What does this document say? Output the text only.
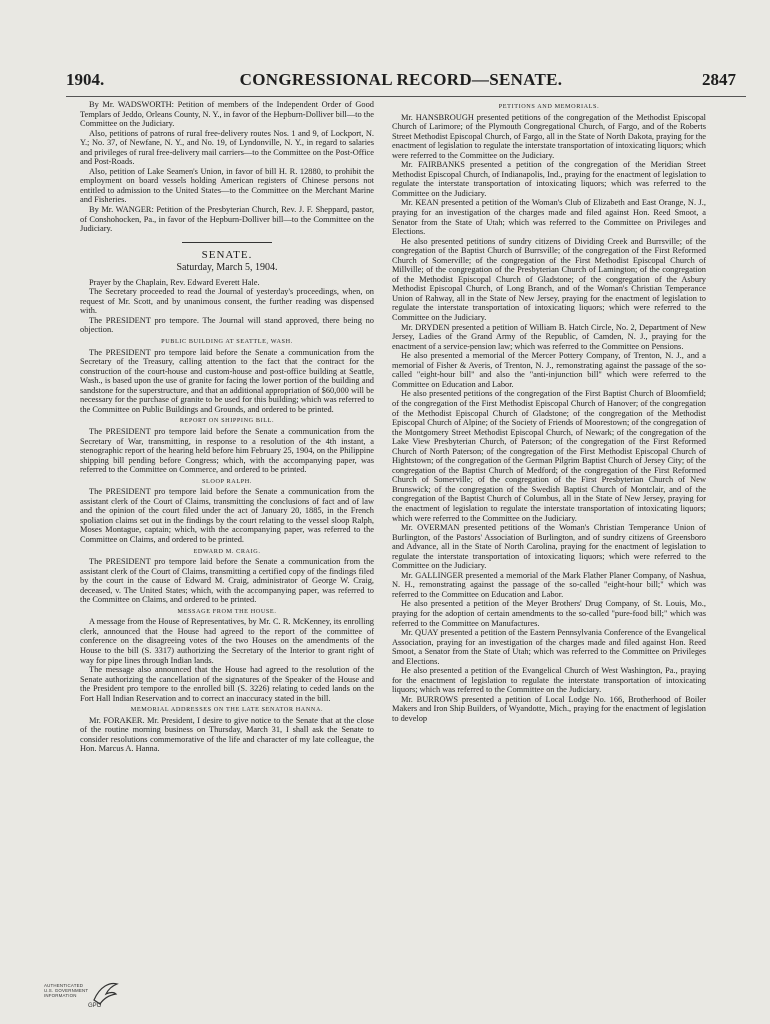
1904.	CONGRESSIONAL RECORD—SENATE.	2847

By Mr. WADSWORTH: Petition of members of the Independent Order of Good Templars of Jeddo, Orleans County, N. Y., in favor of the Hepburn-Dolliver bill—to the Committee on the Judiciary.

Also, petitions of patrons of rural free-delivery routes Nos. 1 and 9, of Lockport, N. Y.; No. 37, of Newfane, N. Y., and No. 19, of Lyndonville, N. Y., in regard to salaries and privileges of rural free-delivery mail carriers—to the Committee on the Post-Office and Post-Roads.

Also, petition of Lake Seamen's Union, in favor of bill H. R. 12880, to prohibit the employment on board vessels holding American registers of Chinese persons not entitled to admission to the United States—to the Committee on the Merchant Marine and Fisheries.

By Mr. WANGER: Petition of the Presbyterian Church, Rev. J. F. Sheppard, pastor, of Conshohocken, Pa., in favor of the Hepburn-Dolliver bill—to the Committee on the Judiciary.

SENATE.

Saturday, March 5, 1904.

Prayer by the Chaplain, Rev. Edward Everett Hale.

The Secretary proceeded to read the Journal of yesterday's proceedings, when, on request of Mr. Scott, and by unanimous consent, the further reading was dispensed with.

The PRESIDENT pro tempore. The Journal will stand approved, there being no objection.

PUBLIC BUILDING AT SEATTLE, WASH.

The PRESIDENT pro tempore laid before the Senate a communication from the Secretary of the Treasury, calling attention to the fact that the contract for the construction of the court-house and custom-house and post-office building at Seattle, Wash., is based upon the use of granite for facing the lower portion of the building and sandstone for the superstructure, and that an additional appropriation of $60,000 will be necessary for the purchase of granite to be used for this building; which was referred to the Committee on Public Buildings and Grounds, and ordered to be printed.

REPORT ON SHIPPING BILL.

The PRESIDENT pro tempore laid before the Senate a communication from the Secretary of War, transmitting, in response to a resolution of the 4th instant, a stenographic report of the hearing held before him February 25, 1904, on the Philippine shipping bill pending before Congress; which, with the accompanying paper, was referred to the Committee on Commerce, and ordered to be printed.

SLOOP RALPH.

The PRESIDENT pro tempore laid before the Senate a communication from the assistant clerk of the Court of Claims, transmitting the conclusions of fact and of law and the opinion of the court filed under the act of January 20, 1885, in the French spoliation claims set out in the findings by the court relating to the vessel sloop Ralph, Moses Montague, captain; which, with the accompanying paper, was referred to the Committee on Claims, and ordered to be printed.

EDWARD M. CRAIG.

The PRESIDENT pro tempore laid before the Senate a communication from the assistant clerk of the Court of Claims, transmitting a certified copy of the findings filed by the court in the cause of Edward M. Craig, administrator of George W. Craig, deceased, v. The United States; which, with the accompanying paper, was referred to the Committee on Claims, and ordered to be printed.

MESSAGE FROM THE HOUSE.

A message from the House of Representatives, by Mr. C. R. McKenney, its enrolling clerk, announced that the House had agreed to the report of the committee of conference on the disagreeing votes of the two Houses on the amendments of the House to the bill (S. 3317) authorizing the Secretary of the Interior to grant right of way for pipe lines through Indian lands.

The message also announced that the House had agreed to the resolution of the Senate authorizing the cancellation of the signatures of the Speaker of the House and the President pro tempore to the enrolled bill (S. 3226) relating to ceded lands on the Fort Hall Indian Reservation and to correct an inaccuracy stated in the bill.

MEMORIAL ADDRESSES ON THE LATE SENATOR HANNA.

Mr. FORAKER. Mr. President, I desire to give notice to the Senate that at the close of the routine morning business on Thursday, March 31, I shall ask the Senate to consider resolutions commemorative of the life and character of my late colleague, the Hon. Marcus A. Hanna.

PETITIONS AND MEMORIALS.

Mr. HANSBROUGH presented petitions of the congregation of the Methodist Episcopal Church of Larimore; of the Plymouth Congregational Church, of Fargo, and of the Roberts Street Methodist Episcopal Church, of Fargo, all in the State of North Dakota, praying for the enactment of legislation to regulate the interstate transportation of intoxicating liquors; which were referred to the Committee on the Judiciary.

Mr. FAIRBANKS presented a petition of the congregation of the Meridian Street Methodist Episcopal Church, of Indianapolis, Ind., praying for the enactment of legislation to regulate the interstate transportation of intoxicating liquors; which was referred to the Committee on the Judiciary.

Mr. KEAN presented a petition of the Woman's Club of Elizabeth and East Orange, N. J., praying for an investigation of the charges made and filed against Hon. Reed Smoot, a Senator from the State of Utah; which was referred to the Committee on Privileges and Elections.

He also presented petitions of sundry citizens of Dividing Creek and Burrsville; of the congregation of the Baptist Church of Burrsville; of the congregation of the First Reformed Church of Somerville; of the congregation of the First Methodist Episcopal Church of Millville; of the congregation of the Presbyterian Church of Lamington; of the congregation of the Methodist Episcopal Church of Gladstone; of the congregation of the Asbury Methodist Episcopal Church, of Long Branch, and of the Woman's Christian Temperance Union of Rahway, all in the State of New Jersey, praying for the enactment of legislation to regulate the interstate transportation of intoxicating liquors; which were referred to the Committee on the Judiciary.

Mr. DRYDEN presented a petition of William B. Hatch Circle, No. 2, Department of New Jersey, Ladies of the Grand Army of the Republic, of Camden, N. J., praying for the enactment of a service-pension law; which was referred to the Committee on Pensions.

He also presented a memorial of the Mercer Pottery Company, of Trenton, N. J., and a memorial of Fisher & Averis, of Trenton, N. J., remonstrating against the passage of the so-called "eight-hour bill" and also the "anti-injunction bill" which were referred to the Committee on Education and Labor.

He also presented petitions of the congregation of the First Baptist Church of Bloomfield; of the congregation of the First Methodist Episcopal Church of Hanover; of the congregation of the Methodist Episcopal Church of Gladstone; of the congregation of the Methodist Episcopal Church of Alpine; of the Society of Friends of Moorestown; of the congregation of the Montgomery Street Methodist Episcopal Church, of Newark; of the congregation of the Lake View Presbyterian Church, of Paterson; of the congregation of the First Reformed Church of North Paterson; of the congregation of the First Methodist Episcopal Church of Hightstown; of the congregation of the German Pilgrim Baptist Church of Jersey City; of the congregation of the Baptist Church of Medford; of the congregation of the First Reformed Church of Somerville; of the congregation of the First Presbyterian Church of New Brunswick; of the congregation of the Swedish Baptist Church of Montclair, and of the congregation of the Baptist Church of Columbus, all in the State of New Jersey, praying for the enactment of legislation to regulate the interstate transportation of intoxicating liquors; which were referred to the Committee on the Judiciary.

Mr. OVERMAN presented petitions of the Woman's Christian Temperance Union of Burlington, of the Pastors' Association of Burlington, and of sundry citizens of Greensboro and Advance, all in the State of North Carolina, praying for the enactment of legislation to regulate the interstate transportation of intoxicating liquors; which were referred to the Committee on the Judiciary.

Mr. GALLINGER presented a memorial of the Mark Flather Planer Company, of Nashua, N. H., remonstrating against the passage of the so-called "eight-hour bill;" which was referred to the Committee on Education and Labor.

He also presented a petition of the Meyer Brothers' Drug Company, of St. Louis, Mo., praying for the adoption of certain amendments to the so-called "pure-food bill;" which was referred to the Committee on Manufactures.

Mr. QUAY presented a petition of the Eastern Pennsylvania Conference of the Evangelical Association, praying for an investigation of the charges made and filed against Hon. Reed Smoot, a Senator from the State of Utah; which was referred to the Committee on Privileges and Elections.

He also presented a petition of the Evangelical Church of West Washington, Pa., praying for the enactment of legislation to regulate the interstate transportation of intoxicating liquors; which was referred to the Committee on the Judiciary.

Mr. BURROWS presented a petition of Local Lodge No. 166, Brotherhood of Boiler Makers and Iron Ship Builders, of Wyandotte, Mich., praying for the enactment of legislation to develop

AUTHENTICATED
U.S. GOVERNMENT
INFORMATION
GPO
